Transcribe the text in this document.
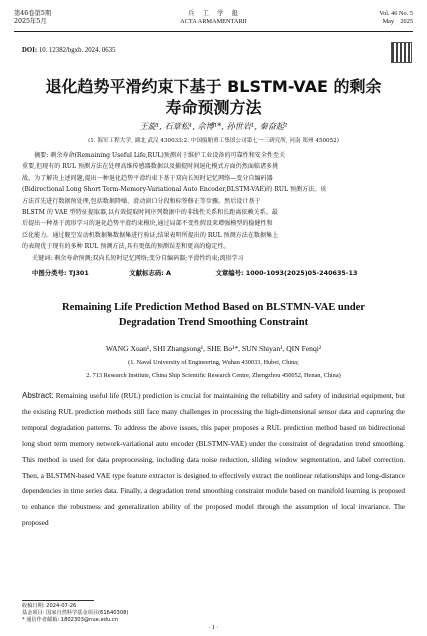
第46卷第5期
2025年5月
兵　工　学　报
ACTA ARMAMENTARII
Vol. 46 No. 5
May    2025
DOI: 10. 12382/bgxb. 2024. 0635
退化趋势平滑约束下基于 BLSTM-VAE 的剩余
寿命预测方法
王旋¹, 石章松¹, 佘博¹*, 孙世岩¹, 秦奋起²
(1. 海军工程大学, 湖北 武汉 430033;2. 中国船舶重工集团公司第七一三研究所, 河南 郑州 450052)

摘要: 剩余寿命(Remaining Useful Life,RUL)预测对于维护工业设备的可靠性和安全性至关

重要,但现有的 RUL 预测方法在处理高维传感器数据以及捕捉时间退化模式方面仍然面临诸多挑
战。为了解决上述问题,提出一种退化趋势平滑约束下基于双向长短时记忆网络—变分自编码器
(Bidirectional Long Short Term-Memory-Variational Auto Encoder,BLSTM-VAE)的 RUL 预测方法。该
方法首先进行数据预处理,包括数据降噪、滑动窗口分段和标签修正等步骤。然后设计基于
BLSTM 的 VAE 型特征提取器,以有效提取时间序列数据中的非线性关系和长距离依赖关系。最
后提出一种基于流形学习的退化趋势平滑约束模块,通过局部不变性假设来增强模型的稳健性和
泛化能力。通过舰空发动机数据集数据集进行验证,结果表明所提出的 RUL 预测方法在数据集上
的表现优于现有的多种 RUL 预测方法,具有更低的预测误差和更高的稳定性。
关键词: 剩余寿命预测;双向长短时记忆网络;变分自编码器;平滑性约束;流形学习
中图分类号: TJ301	文献标志码: A	文章编号: 1000-1093(2025)05-240635-13
Remaining Life Prediction Method Based on BLSTMN-VAE under
Degradation Trend Smoothing Constraint
WANG Xuan¹, SHI Zhangsong¹, SHE Bo¹*, SUN Shiyan¹, QIN Fenqi²
(1. Naval University of Engineering, Wuhan 430033, Hubei, China;
2. 713 Research Institute, China Ship Scientific Research Centre, Zhengzhou 450052, Henan, China)
Abstract: Remaining useful life (RUL) prediction is crucial for maintaining the reliability and safety of industrial equipment, but the existing RUL prediction methods still face many challenges in processing the high-dimensional sensor data and capturing the temporal degradation patterns. To address the above issues, this paper proposes a RUL prediction method based on bidirectional long short term memory network-variational auto encoder (BLSTMN-VAE) under the constraint of degradation trend smoothing. This method is used for data preprocessing, including data noise reduction, sliding window segmentation, and label correction. Then, a BLSTMN-based VAE type feature extractor is designed to effectively extract the nonlinear relationships and long-distance dependencies in time series data. Finally, a degradation trend smoothing constraint module based on manifold learning is proposed to enhance the robustness and generalization ability of the proposed model through the assumption of local invariance. The proposed
收稿日期: 2024-07-26
基金项目: 国家自然科学基金项目(61640308)
* 通信作者邮箱: 1802303@nue.edu.cn
· 1 ·
